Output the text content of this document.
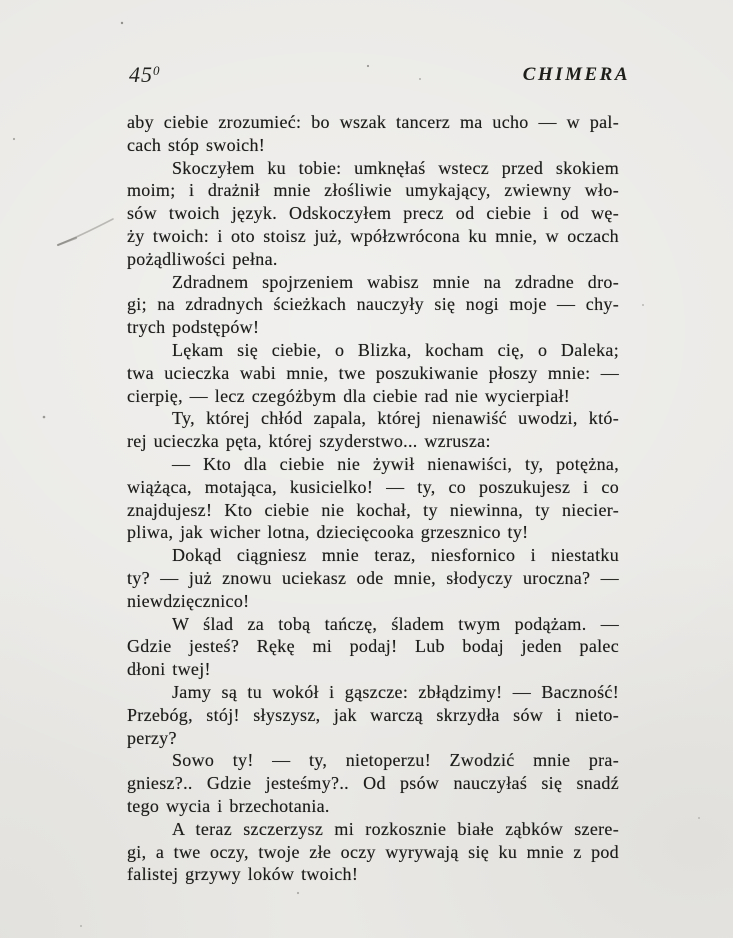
$45^0$	CHIMERA
aby ciebie zrozumieć: bo wszak tancerz ma ucho — w pal-
cach stóp swoich!
Skoczyłem ku tobie: umknęłaś wstecz przed skokiem
moim; i drażnił mnie złośliwie umykający, zwiewny wło-
sów twoich język. Odskoczyłem precz od ciebie i od wę-
ży twoich: i oto stoisz już, wpółzwrócona ku mnie, w oczach
pożądliwości pełna.
Zdradnem spojrzeniem wabisz mnie na zdradne dro-
gi; na zdradnych ścieżkach nauczyły się nogi moje — chy-
trych podstępów!
Lękam się ciebie, o Blizka, kocham cię, o Daleka;
twa ucieczka wabi mnie, twe poszukiwanie płoszy mnie: —
cierpię, — lecz czegóżbym dla ciebie rad nie wycierpiał!
Ty, której chłód zapala, której nienawiść uwodzi, któ-
rej ucieczka pęta, której szyderstwo... wzrusza:
— Kto dla ciebie nie żywił nienawiści, ty, potężna,
wiążąca, motająca, kusicielko! — ty, co poszukujesz i co
znajdujesz! Kto ciebie nie kochał, ty niewinna, ty niecier-
pliwa, jak wicher lotna, dziecięcooka grzesznico ty!
Dokąd ciągniesz mnie teraz, niesfornico i niestatku
ty? — już znowu uciekasz ode mnie, słodyczy uroczna? —
niewdzięcznico!
W ślad za tobą tańczę, śladem twym podążam. —
Gdzie jesteś? Rękę mi podaj! Lub bodaj jeden palec
dłoni twej!
Jamy są tu wokół i gąszcze: zbłądzimy! — Baczność!
Przebóg, stój! słyszysz, jak warczą skrzydła sów i nieto-
perzy?
Sowo ty! — ty, nietoperzu! Zwodzić mnie pra-
gniesz?.. Gdzie jesteśmy?.. Od psów nauczyłaś się snadź
tego wycia i brzechotania.
A teraz szczerzysz mi rozkosznie białe ząbków szere-
gi, a twe oczy, twoje złe oczy wyrywają się ku mnie z pod
falistej grzywy loków twoich!
